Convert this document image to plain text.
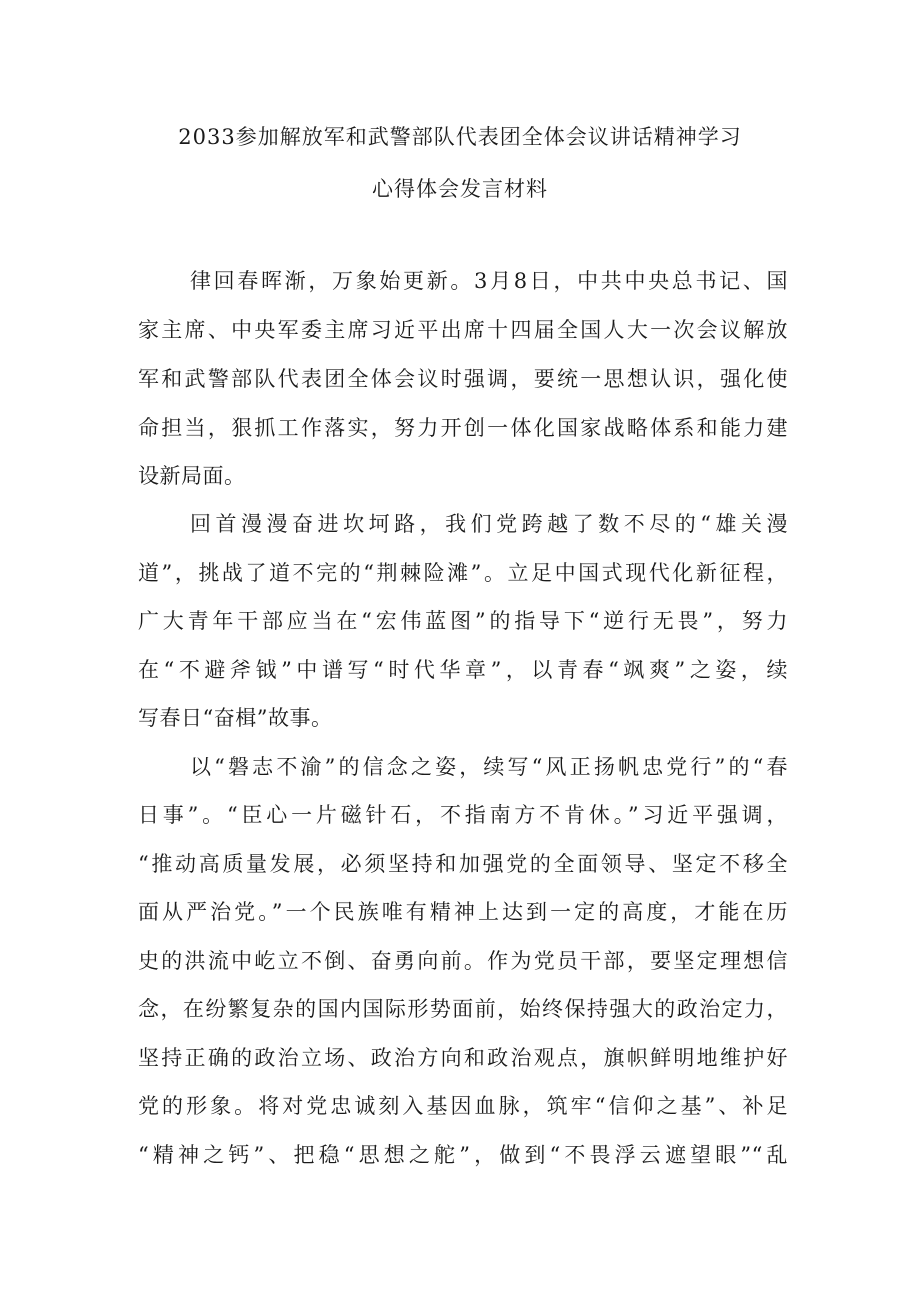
2033参加解放军和武警部队代表团全体会议讲话精神学习
心得体会发言材料
律回春晖渐，万象始更新。3月8日，中共中央总书记、国
家主席、中央军委主席习近平出席十四届全国人大一次会议解放
军和武警部队代表团全体会议时强调，要统一思想认识，强化使
命担当，狠抓工作落实，努力开创一体化国家战略体系和能力建
设新局面。
回首漫漫奋进坎坷路，我们党跨越了数不尽的“雄关漫
道”，挑战了道不完的“荆棘险滩”。立足中国式现代化新征程，
广大青年干部应当在“宏伟蓝图”的指导下“逆行无畏”，努力
在“不避斧钺”中谱写“时代华章”，以青春“飒爽”之姿，续
写春日“奋楫”故事。
以“磐志不渝”的信念之姿，续写“风正扬帆忠党行”的“春
日事”。“臣心一片磁针石，不指南方不肯休。”习近平强调，
“推动高质量发展，必须坚持和加强党的全面领导、坚定不移全
面从严治党。”一个民族唯有精神上达到一定的高度，才能在历
史的洪流中屹立不倒、奋勇向前。作为党员干部，要坚定理想信
念，在纷繁复杂的国内国际形势面前，始终保持强大的政治定力，
坚持正确的政治立场、政治方向和政治观点，旗帜鲜明地维护好
党的形象。将对党忠诚刻入基因血脉，筑牢“信仰之基”、补足
“精神之钙”、把稳“思想之舵”，做到“不畏浮云遮望眼”“乱
